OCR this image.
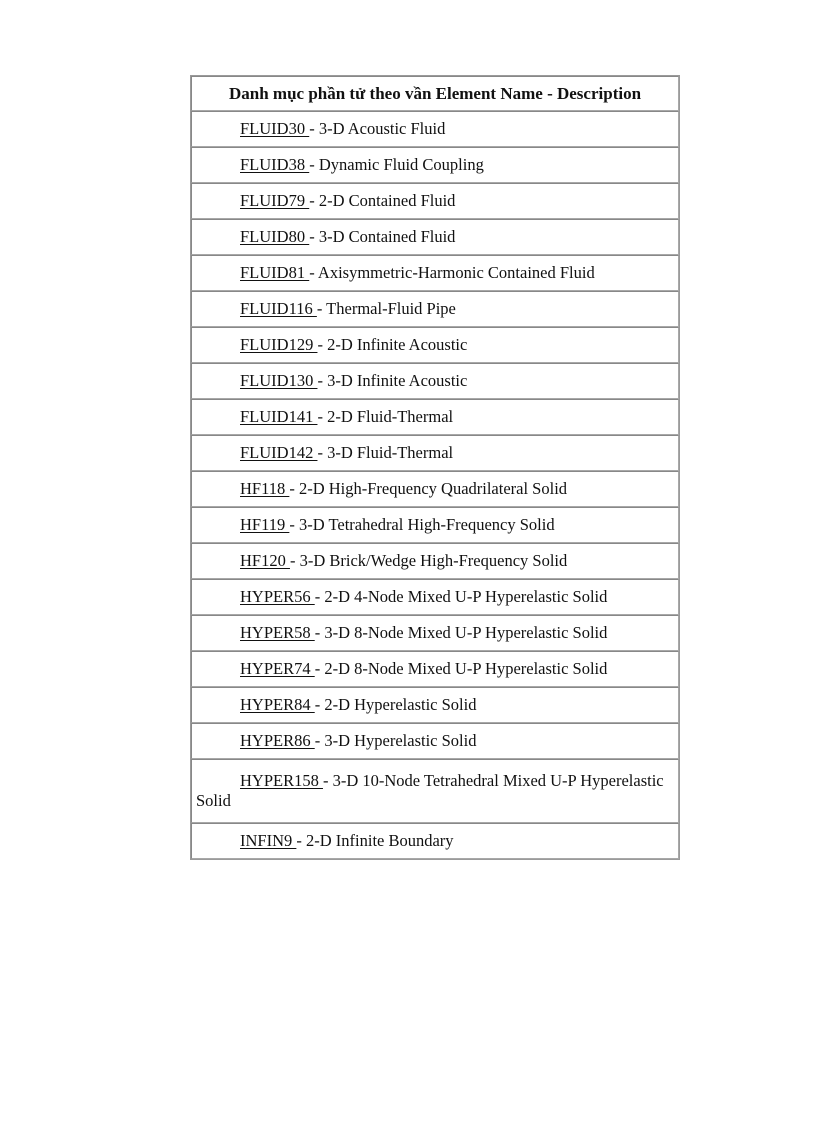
Danh mục phần tử theo vần Element Name - Description
FLUID30 - 3-D Acoustic Fluid
FLUID38 - Dynamic Fluid Coupling
FLUID79 - 2-D Contained Fluid
FLUID80 - 3-D Contained Fluid
FLUID81 - Axisymmetric-Harmonic Contained Fluid
FLUID116 - Thermal-Fluid Pipe
FLUID129 - 2-D Infinite Acoustic
FLUID130 - 3-D Infinite Acoustic
FLUID141 - 2-D Fluid-Thermal
FLUID142 - 3-D Fluid-Thermal
HF118 - 2-D High-Frequency Quadrilateral Solid
HF119 - 3-D Tetrahedral High-Frequency Solid
HF120 - 3-D Brick/Wedge High-Frequency Solid
HYPER56 - 2-D 4-Node Mixed U-P Hyperelastic Solid
HYPER58 - 3-D 8-Node Mixed U-P Hyperelastic Solid
HYPER74 - 2-D 8-Node Mixed U-P Hyperelastic Solid
HYPER84 - 2-D Hyperelastic Solid
HYPER86 - 3-D Hyperelastic Solid
HYPER158 - 3-D 10-Node Tetrahedral Mixed U-P Hyperelastic Solid
INFIN9 - 2-D Infinite Boundary
